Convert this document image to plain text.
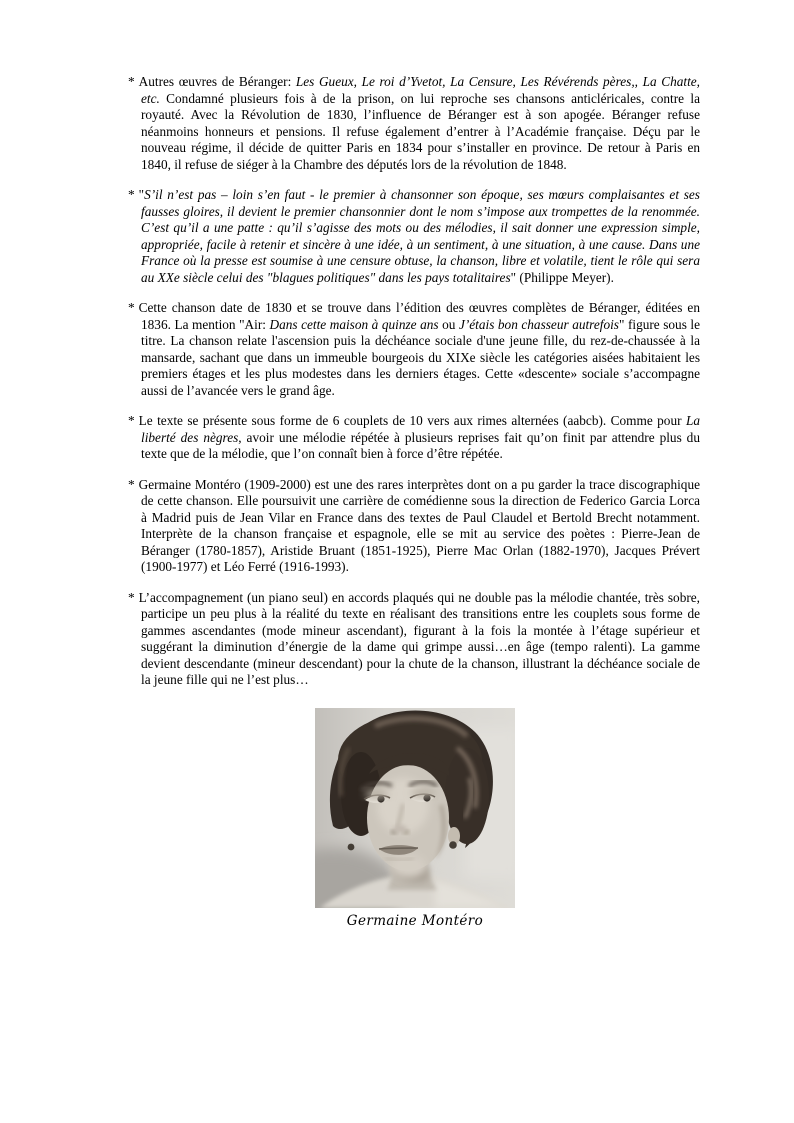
* Autres œuvres de Béranger: Les Gueux, Le roi d’Yvetot, La Censure, Les Révérends pères,, La Chatte, etc. Condamné plusieurs fois à de la prison, on lui reproche ses chansons anticléricales, contre la royauté. Avec la Révolution de 1830, l’influence de Béranger est à son apogée. Béranger refuse néanmoins honneurs et pensions. Il refuse également d’entrer à l’Académie française. Déçu par le nouveau régime, il décide de quitter Paris en 1834 pour s’installer en province. De retour à Paris en 1840, il refuse de siéger à la Chambre des députés lors de la révolution de 1848.

* "S’il n’est pas – loin s’en faut - le premier à chansonner son époque, ses mœurs complaisantes et ses fausses gloires, il devient le premier chansonnier dont le nom s’impose aux trompettes de la renommée. C’est qu’il a une patte : qu’il s’agisse des mots ou des mélodies, il sait donner une expression simple, appropriée, facile à retenir et sincère à une idée, à un sentiment, à une situation, à une cause. Dans une France où la presse est soumise à une censure obtuse, la chanson, libre et volatile, tient le rôle qui sera au XXe siècle celui des "blagues politiques" dans les pays totalitaires" (Philippe Meyer).

* Cette chanson date de 1830 et se trouve dans l’édition des œuvres complètes de Béranger, éditées en 1836. La mention "Air: Dans cette maison à quinze ans ou J’étais bon chasseur autrefois" figure sous le titre. La chanson relate l'ascension puis la déchéance sociale d'une jeune fille, du rez-de-chaussée à la mansarde, sachant que dans un immeuble bourgeois du XIXe siècle les catégories aisées habitaient les premiers étages et les plus modestes dans les derniers étages. Cette «descente» sociale s’accompagne aussi de l’avancée vers le grand âge.

* Le texte se présente sous forme de 6 couplets de 10 vers aux rimes alternées (aabcb). Comme pour La liberté des nègres, avoir une mélodie répétée à plusieurs reprises fait qu’on finit par attendre plus du texte que de la mélodie, que l’on connaît bien à force d’être répétée.

* Germaine Montéro (1909-2000) est une des rares interprètes dont on a pu garder la trace discographique de cette chanson. Elle poursuivit une carrière de comédienne sous la direction de Federico Garcia Lorca à Madrid puis de Jean Vilar en France dans des textes de Paul Claudel et Bertold Brecht notamment. Interprète de la chanson française et espagnole, elle se mit au service des poètes : Pierre-Jean de Béranger (1780-1857), Aristide Bruant (1851-1925), Pierre Mac Orlan (1882-1970), Jacques Prévert (1900-1977) et Léo Ferré (1916-1993).

* L’accompagnement (un piano seul) en accords plaqués qui ne double pas la mélodie chantée, très sobre, participe un peu plus à la réalité du texte en réalisant des transitions entre les couplets sous forme de gammes ascendantes (mode mineur ascendant), figurant à la fois la montée à l’étage supérieur et suggérant la diminution d’énergie de la dame qui grimpe aussi…en âge (tempo ralenti). La gamme devient descendante (mineur descendant) pour la chute de la chanson, illustrant la déchéance sociale de la jeune fille qui ne l’est plus…

Germaine Montéro
